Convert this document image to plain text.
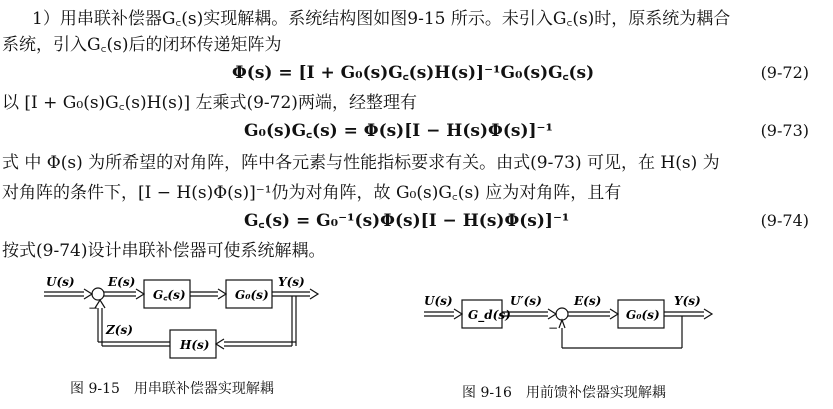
1）用串联补偿器G꜀(s)实现解耦。系统结构图如图9-15 所示。未引入G꜀(s)时，原系统为耦合
系统，引入G꜀(s)后的闭环传递矩阵为
Φ(s) = [I + G₀(s)G꜀(s)H(s)]⁻¹G₀(s)G꜀(s)	(9-72)
以 [I + G₀(s)G꜀(s)H(s)] 左乘式(9-72)两端，经整理有
G₀(s)G꜀(s) = Φ(s)[I − H(s)Φ(s)]⁻¹	(9-73)
式 中 Φ(s) 为所希望的对角阵，阵中各元素与性能指标要求有关。由式(9-73) 可见，在 H(s) 为
对角阵的条件下，[I − H(s)Φ(s)]⁻¹仍为对角阵，故 G₀(s)G꜀(s) 应为对角阵，且有
G꜀(s) = G₀⁻¹(s)Φ(s)[I − H(s)Φ(s)]⁻¹	(9-74)
按式(9-74)设计串联补偿器可使系统解耦。
U(s)	E(s)
G꜀(s)	G₀(s)
Y(s)
Z(s)
H(s)
−
图 9-15　用串联补偿器实现解耦
U(s)
G_d(s)
U′(s)	E(s)
G₀(s)
Y(s)
−
图 9-16　用前馈补偿器实现解耦
